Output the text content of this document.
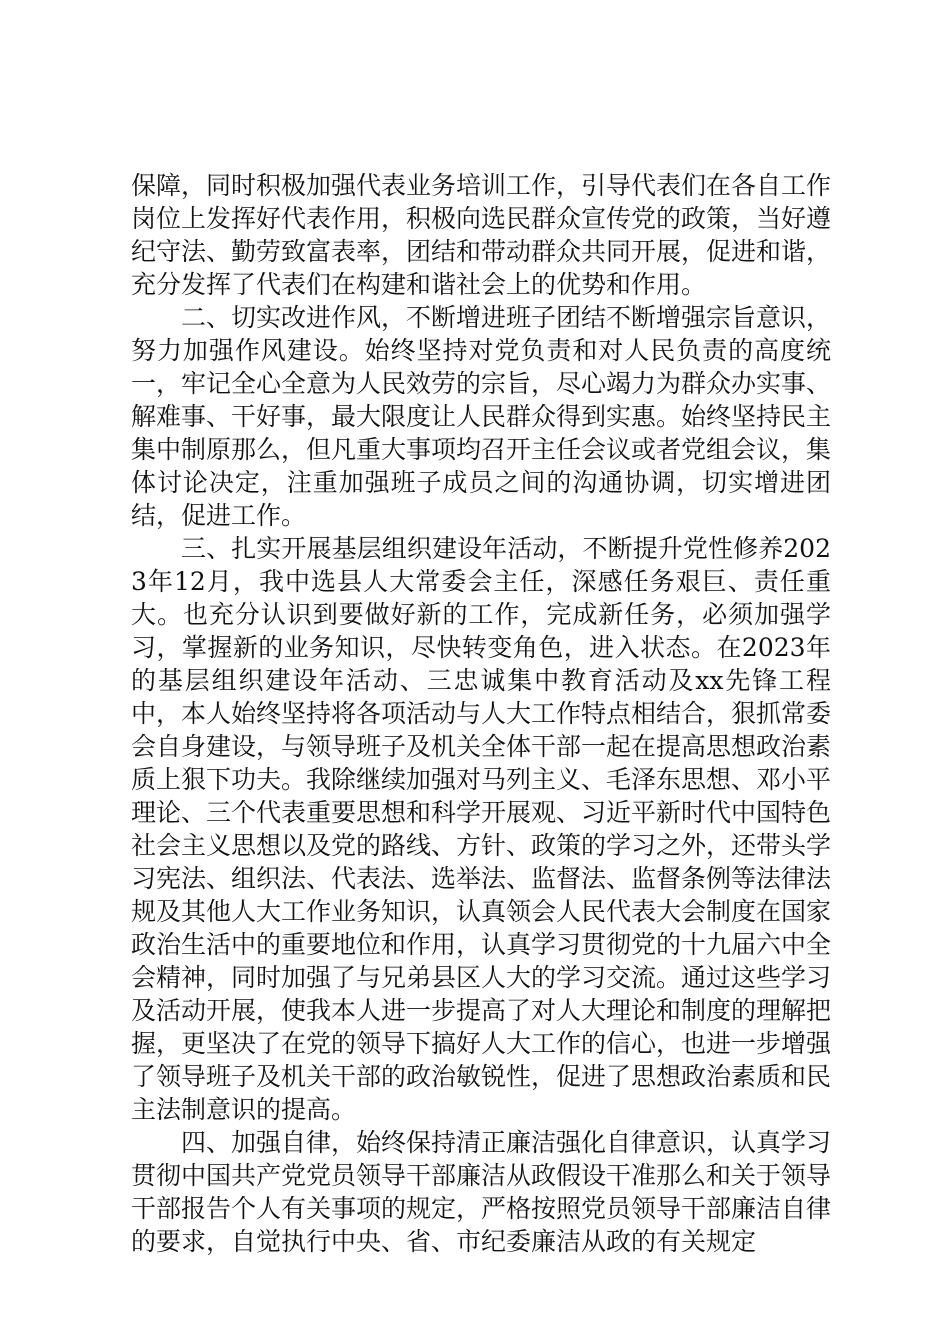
保障，同时积极加强代表业务培训工作，引导代表们在各自工作岗位上发挥好代表作用，积极向选民群众宣传党的政策，当好遵纪守法、勤劳致富表率，团结和带动群众共同开展，促进和谐，充分发挥了代表们在构建和谐社会上的优势和作用。

二、切实改进作风，不断增进班子团结不断增强宗旨意识，努力加强作风建设。始终坚持对党负责和对人民负责的高度统一，牢记全心全意为人民效劳的宗旨，尽心竭力为群众办实事、解难事、干好事，最大限度让人民群众得到实惠。始终坚持民主集中制原那么，但凡重大事项均召开主任会议或者党组会议，集体讨论决定，注重加强班子成员之间的沟通协调，切实增进团结，促进工作。

三、扎实开展基层组织建设年活动，不断提升党性修养2023年12月，我中选县人大常委会主任，深感任务艰巨、责任重大。也充分认识到要做好新的工作，完成新任务，必须加强学习，掌握新的业务知识，尽快转变角色，进入状态。在2023年的基层组织建设年活动、三忠诚集中教育活动及xx先锋工程中，本人始终坚持将各项活动与人大工作特点相结合，狠抓常委会自身建设，与领导班子及机关全体干部一起在提高思想政治素质上狠下功夫。我除继续加强对马列主义、毛泽东思想、邓小平理论、三个代表重要思想和科学开展观、习近平新时代中国特色社会主义思想以及党的路线、方针、政策的学习之外，还带头学习宪法、组织法、代表法、选举法、监督法、监督条例等法律法规及其他人大工作业务知识，认真领会人民代表大会制度在国家政治生活中的重要地位和作用，认真学习贯彻党的十九届六中全会精神，同时加强了与兄弟县区人大的学习交流。通过这些学习及活动开展，使我本人进一步提高了对人大理论和制度的理解把握，更坚决了在党的领导下搞好人大工作的信心，也进一步增强了领导班子及机关干部的政治敏锐性，促进了思想政治素质和民主法制意识的提高。

四、加强自律，始终保持清正廉洁强化自律意识，认真学习贯彻中国共产党党员领导干部廉洁从政假设干准那么和关于领导干部报告个人有关事项的规定，严格按照党员领导干部廉洁自律的要求，自觉执行中央、省、市纪委廉洁从政的有关规定
